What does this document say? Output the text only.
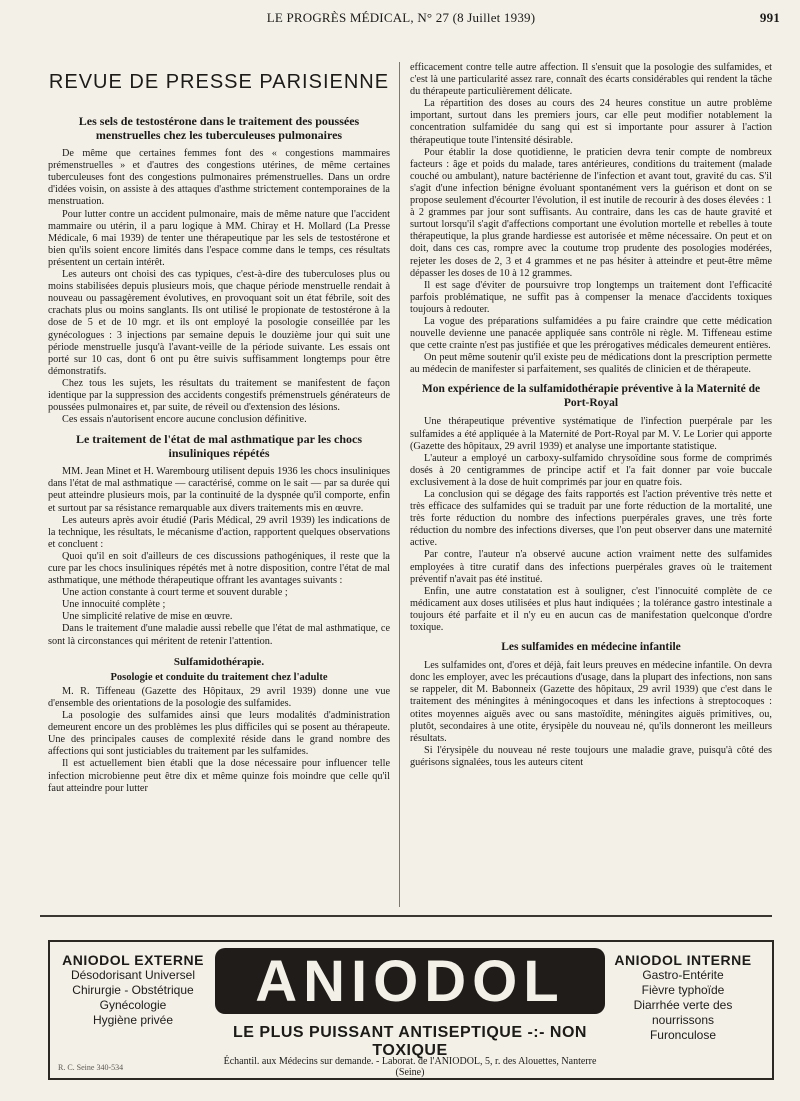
LE PROGRÈS MÉDICAL, N° 27 (8 Juillet 1939)	991
REVUE DE PRESSE PARISIENNE
Les sels de testostérone dans le traitement des poussées menstruelles chez les tuberculeuses pulmonaires

De même que certaines femmes font des « congestions mammaires prémenstruelles » et d'autres des congestions utérines, de même certaines tuberculeuses font des congestions pulmonaires prémenstruelles. Dans un ordre d'idées voisin, on assiste à des attaques d'asthme strictement contemporaines de la menstruation.

Pour lutter contre un accident pulmonaire, mais de même nature que l'accident mammaire ou utérin, il a paru logique à MM. Chiray et H. Mollard (La Presse Médicale, 6 mai 1939) de tenter une thérapeutique par les sels de testostérone et bien qu'ils soient encore limités dans l'espace comme dans le temps, ces résultats présentent un certain intérêt.

Les auteurs ont choisi des cas typiques, c'est-à-dire des tuberculoses plus ou moins stabilisées depuis plusieurs mois, que chaque période menstruelle rendait à nouveau ou passagèrement évolutives, en provoquant soit un état fébrile, soit des crachats plus ou moins sanglants. Ils ont utilisé le propionate de testostérone à la dose de 5 et de 10 mgr. et ils ont employé la posologie conseillée par les gynécologues : 3 injections par semaine depuis le douzième jour qui suit une période menstruelle jusqu'à l'avant-veille de la période suivante. Les essais ont porté sur 10 cas, dont 6 ont pu être suivis suffisamment longtemps pour être démonstratifs.

Chez tous les sujets, les résultats du traitement se manifestent de façon identique par la suppression des accidents congestifs prémenstruels générateurs de poussées pulmonaires et, par suite, de réveil ou d'extension des lésions.

Ces essais n'autorisent encore aucune conclusion définitive.

Le traitement de l'état de mal asthmatique par les chocs insuliniques répétés

MM. Jean Minet et H. Warembourg utilisent depuis 1936 les chocs insuliniques dans l'état de mal asthmatique — caractérisé, comme on le sait — par sa durée qui peut atteindre plusieurs mois, par la continuité de la dyspnée qu'il comporte, enfin et surtout par sa résistance remarquable aux divers traitements mis en œuvre.

Les auteurs après avoir étudié (Paris Médical, 29 avril 1939) les indications de la technique, les résultats, le mécanisme d'action, rapportent quelques observations et concluent :

Quoi qu'il en soit d'ailleurs de ces discussions pathogéniques, il reste que la cure par les chocs insuliniques répétés met à notre disposition, contre l'état de mal asthmatique, une méthode thérapeutique offrant les avantages suivants :

Une action constante à court terme et souvent durable ;

Une innocuité complète ;

Une simplicité relative de mise en œuvre.

Dans le traitement d'une maladie aussi rebelle que l'état de mal asthmatique, ce sont là circonstances qui méritent de retenir l'attention.

Sulfamidothérapie.
Posologie et conduite du traitement chez l'adulte

M. R. Tiffeneau (Gazette des Hôpitaux, 29 avril 1939) donne une vue d'ensemble des orientations de la posologie des sulfamides.

La posologie des sulfamides ainsi que leurs modalités d'administration demeurent encore un des problèmes les plus difficiles qui se posent au thérapeute. Une des principales causes de complexité réside dans le grand nombre des affections qui sont justiciables du traitement par les sulfamides.

Il est actuellement bien établi que la dose nécessaire pour influencer telle infection microbienne peut être dix et même quinze fois moindre que celle qu'il faut atteindre pour lutter

efficacement contre telle autre affection. Il s'ensuit que la posologie des sulfamides, et c'est là une particularité assez rare, connaît des écarts considérables qui rendent la tâche du thérapeute particulièrement délicate.

La répartition des doses au cours des 24 heures constitue un autre problème important, surtout dans les premiers jours, car elle peut modifier notablement la concentration sulfamidée du sang qui est si importante pour assurer à l'action thérapeutique toute l'intensité désirable.

Pour établir la dose quotidienne, le praticien devra tenir compte de nombreux facteurs : âge et poids du malade, tares antérieures, conditions du traitement (malade couché ou ambulant), nature bactérienne de l'infection et avant tout, gravité du cas. S'il s'agit d'une infection bénigne évoluant spontanément vers la guérison et dont on se propose seulement d'écourter l'évolution, il est inutile de recourir à des doses élevées : 1 à 2 grammes par jour sont suffisants. Au contraire, dans les cas de haute gravité et surtout lorsqu'il s'agit d'affections comportant une évolution mortelle et rebelles à toute thérapeutique, la plus grande hardiesse est autorisée et même nécessaire. On peut et on doit, dans ces cas, rompre avec la coutume trop prudente des posologies modérées, rejeter les doses de 2, 3 et 4 grammes et ne pas hésiter à atteindre et peut-être même dépasser les doses de 10 à 12 grammes.

Il est sage d'éviter de poursuivre trop longtemps un traitement dont l'efficacité parfois problématique, ne suffit pas à compenser la menace d'accidents toxiques toujours à redouter.

La vogue des préparations sulfamidées a pu faire craindre que cette médication nouvelle devienne une panacée appliquée sans contrôle ni règle. M. Tiffeneau estime que cette crainte n'est pas justifiée et que les prérogatives médicales demeurent entières.

On peut même soutenir qu'il existe peu de médications dont la prescription permette au médecin de manifester si parfaitement, ses qualités de clinicien et de thérapeute.

Mon expérience de la sulfamidothérapie préventive à la Maternité de Port-Royal

Une thérapeutique préventive systématique de l'infection puerpérale par les sulfamides a été appliquée à la Maternité de Port-Royal par M. V. Le Lorier qui apporte (Gazette des hôpitaux, 29 avril 1939) et analyse une importante statistique.

L'auteur a employé un carboxy-sulfamido chrysoïdine sous forme de comprimés dosés à 20 centigrammes de principe actif et l'a fait donner par voie buccale exclusivement à la dose de huit comprimés par jour en quatre fois.

La conclusion qui se dégage des faits rapportés est l'action préventive très nette et très efficace des sulfamides qui se traduit par une forte réduction de la mortalité, une très forte réduction du nombre des infections puerpérales graves, une très forte réduction du nombre des infections diverses, que l'on peut observer dans une maternité active.

Par contre, l'auteur n'a observé aucune action vraiment nette des sulfamides employées à titre curatif dans des infections puerpérales graves où le traitement préventif n'avait pas été institué.

Enfin, une autre constatation est à souligner, c'est l'innocuité complète de ce médicament aux doses utilisées et plus haut indiquées ; la tolérance gastro intestinale a toujours été parfaite et il n'y eu en aucun cas de manifestation quelconque d'ordre toxique.

Les sulfamides en médecine infantile

Les sulfamides ont, d'ores et déjà, fait leurs preuves en médecine infantile. On devra donc les employer, avec les précautions d'usage, dans la plupart des infections, non sans se rappeler, dit M. Babonneix (Gazette des hôpitaux, 29 avril 1939) que c'est dans le traitement des méningites à méningocoques et dans les infections à streptocoques : otites moyennes aiguës avec ou sans mastoïdite, méningites aiguës primitives, ou, plutôt, secondaires à une otite, érysipèle du nouveau né, qu'ils donneront les meilleurs résultats.

Si l'érysipèle du nouveau né reste toujours une maladie grave, puisqu'à côté des guérisons signalées, tous les auteurs citent

ANIODOL EXTERNE
Désodorisant Universel
Chirurgie - Obstétrique
Gynécologie
Hygiène privée
ANIODOL
LE PLUS PUISSANT ANTISEPTIQUE -:- NON TOXIQUE
Échantil. aux Médecins sur demande. - Laborat. de l'ANIODOL, 5, r. des Alouettes, Nanterre (Seine)
ANIODOL INTERNE
Gastro-Entérite
Fièvre typhoïde
Diarrhée verte des nourrissons
Furonculose
R. C. Seine 340-534
